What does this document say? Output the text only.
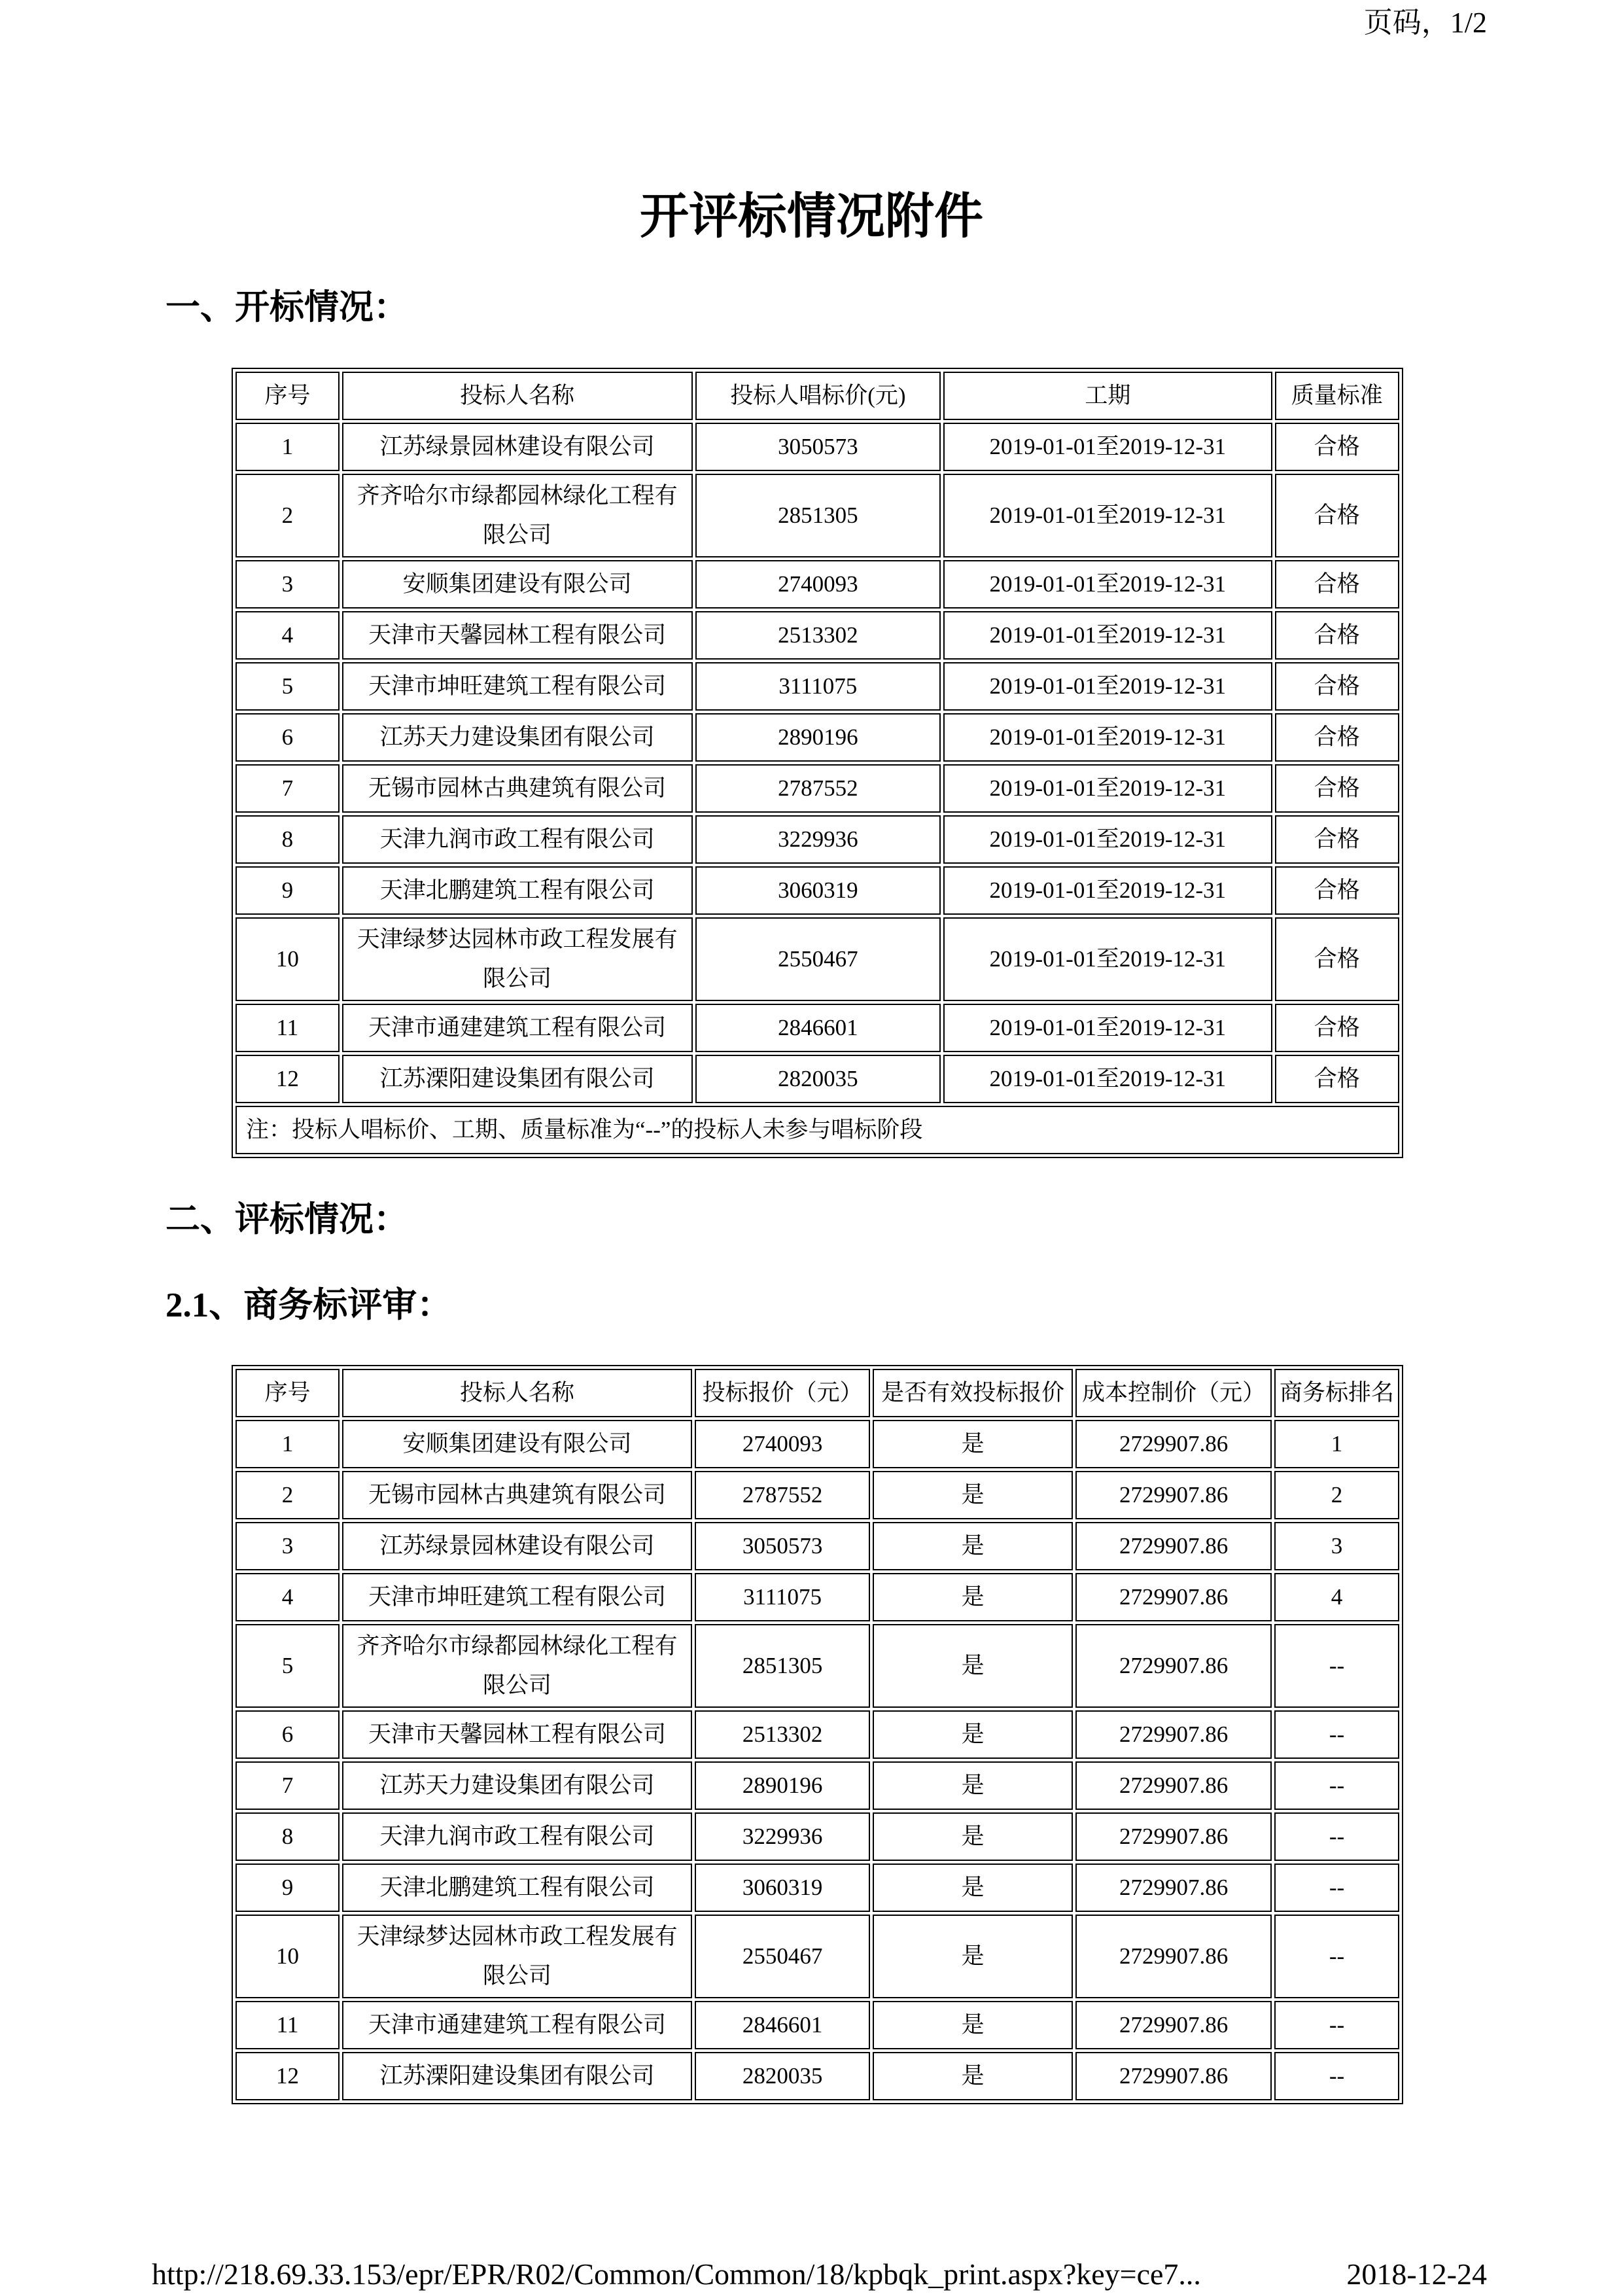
页码，1/2
开评标情况附件
一、开标情况：
序号	投标人名称	投标人唱标价(元)	工期	质量标准
1	江苏绿景园林建设有限公司	3050573	2019-01-01至2019-12-31	合格
2	齐齐哈尔市绿都园林绿化工程有限公司	2851305	2019-01-01至2019-12-31	合格
3	安顺集团建设有限公司	2740093	2019-01-01至2019-12-31	合格
4	天津市天馨园林工程有限公司	2513302	2019-01-01至2019-12-31	合格
5	天津市坤旺建筑工程有限公司	3111075	2019-01-01至2019-12-31	合格
6	江苏天力建设集团有限公司	2890196	2019-01-01至2019-12-31	合格
7	无锡市园林古典建筑有限公司	2787552	2019-01-01至2019-12-31	合格
8	天津九润市政工程有限公司	3229936	2019-01-01至2019-12-31	合格
9	天津北鹏建筑工程有限公司	3060319	2019-01-01至2019-12-31	合格
10	天津绿梦达园林市政工程发展有限公司	2550467	2019-01-01至2019-12-31	合格
11	天津市通建建筑工程有限公司	2846601	2019-01-01至2019-12-31	合格
12	江苏溧阳建设集团有限公司	2820035	2019-01-01至2019-12-31	合格
注：投标人唱标价、工期、质量标准为“--”的投标人未参与唱标阶段				
二、评标情况：
2.1、商务标评审：
序号	投标人名称	投标报价（元）	是否有效投标报价	成本控制价（元）	商务标排名
1	安顺集团建设有限公司	2740093	是	2729907.86	1
2	无锡市园林古典建筑有限公司	2787552	是	2729907.86	2
3	江苏绿景园林建设有限公司	3050573	是	2729907.86	3
4	天津市坤旺建筑工程有限公司	3111075	是	2729907.86	4
5	齐齐哈尔市绿都园林绿化工程有限公司	2851305	是	2729907.86	--
6	天津市天馨园林工程有限公司	2513302	是	2729907.86	--
7	江苏天力建设集团有限公司	2890196	是	2729907.86	--
8	天津九润市政工程有限公司	3229936	是	2729907.86	--
9	天津北鹏建筑工程有限公司	3060319	是	2729907.86	--
10	天津绿梦达园林市政工程发展有限公司	2550467	是	2729907.86	--
11	天津市通建建筑工程有限公司	2846601	是	2729907.86	--
12	江苏溧阳建设集团有限公司	2820035	是	2729907.86	--
http://218.69.33.153/epr/EPR/R02/Common/Common/18/kpbqk_print.aspx?key=ce7...	2018-12-24
